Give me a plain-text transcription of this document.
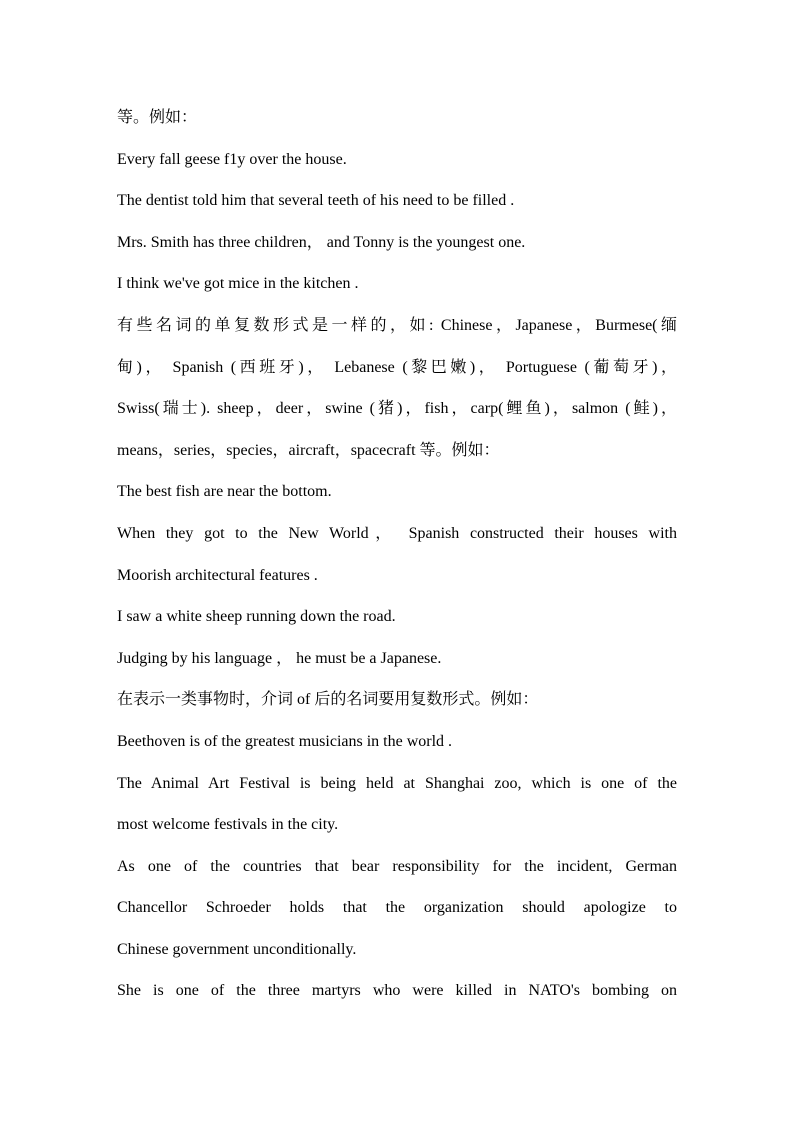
等。例如：
Every fall geese f1y over the house.
The dentist told him that several teeth of his need to be filled .
Mrs. Smith has three children， and Tonny is the youngest one.
I think we've got mice in the kitchen .
有些名词的单复数形式是一样的，如: Chinese，Japanese，Burmese(缅
甸)， Spanish (西班牙)， Lebanese (黎巴嫩)， Portuguese (葡萄牙)，
Swiss(瑞士). sheep，deer，swine (猪)，fish，carp(鲤鱼)，salmon (鲑)，
means，series，species，aircraft，spacecraft 等。例如：
The best fish are near the bottom.
When they got to the New World， Spanish constructed their houses with
Moorish architectural features .
I saw a white sheep running down the road.
Judging by his language ， he must be a Japanese.
在表示一类事物时，介词 of 后的名词要用复数形式。例如：
Beethoven is of the greatest musicians in the world .
The Animal Art Festival is being held at Shanghai zoo, which is one of the
most welcome festivals in the city.
As one of the countries that bear responsibility for the incident, German
Chancellor Schroeder holds that the organization should apologize to
Chinese government unconditionally.
She is one of the three martyrs who were killed in NATO's bombing on
